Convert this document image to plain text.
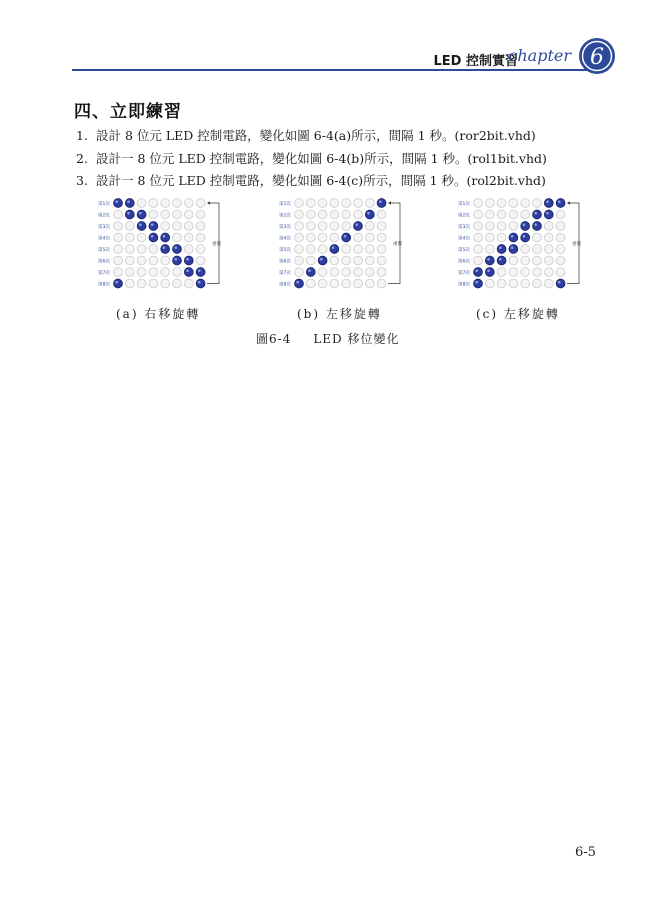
LED 控制實習
chapter 6
四、立即練習
1. 設計 8 位元 LED 控制電路，變化如圖 6-4(a)所示，間隔 1 秒。(ror2bit.vhd)
2. 設計一 8 位元 LED 控制電路，變化如圖 6-4(b)所示，間隔 1 秒。(rol1bit.vhd)
3. 設計一 8 位元 LED 控制電路，變化如圖 6-4(c)所示，間隔 1 秒。(rol2bit.vhd)
第1次
第2次
第3次
第4次
第5次
第6次
第7次
第8次
重覆
第1次
第2次
第3次
第4次
第5次
第6次
第7次
第8次
重覆
第1次
第2次
第3次
第4次
第5次
第6次
第7次
第8次
重覆
(a) 右移旋轉	(b) 左移旋轉	(c) 左移旋轉
圖6-4 LED 移位變化
6-5
